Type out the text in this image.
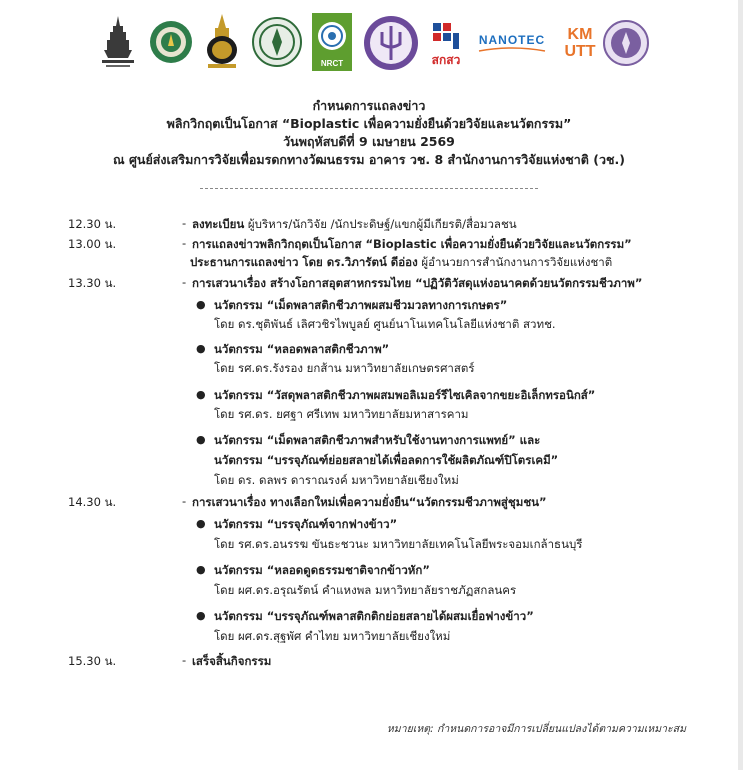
NRCT	สกสว
NANOTEC	KM UTT
กำหนดการแถลงข่าว
พลิกวิกฤตเป็นโอกาส “Bioplastic เพื่อความยั่งยืนด้วยวิจัยและนวัตกรรม”
วันพฤหัสบดีที่ 9 เมษายน 2569
ณ ศูนย์ส่งเสริมการวิจัยเพื่อมรดกทางวัฒนธรรม อาคาร วช. 8 สำนักงานการวิจัยแห่งชาติ (วช.)
12.30 น.	- ลงทะเบียน ผู้บริหาร/นักวิจัย /นักประดิษฐ์/แขกผู้มีเกียรติ/สื่อมวลชน
13.00 น.	- การแถลงข่าวพลิกวิกฤตเป็นโอกาส “Bioplastic เพื่อความยั่งยืนด้วยวิจัยและนวัตกรรม”
ประธานการแถลงข่าว โดย ดร.วิภารัตน์ ดีอ่อง ผู้อำนวยการสำนักงานการวิจัยแห่งชาติ
13.30 น.	- การเสวนาเรื่อง สร้างโอกาสอุตสาหกรรมไทย “ปฏิวัติวัสดุแห่งอนาคตด้วยนวัตกรรมชีวภาพ”
● นวัตกรรม “เม็ดพลาสติกชีวภาพผสมชีวมวลทางการเกษตร”
โดย ดร.ชุติพันธ์ เลิศวชิรไพบูลย์ ศูนย์นาโนเทคโนโลยีแห่งชาติ สวทช.
● นวัตกรรม “หลอดพลาสติกชีวภาพ”
โดย รศ.ดร.รังรอง ยกส้าน มหาวิทยาลัยเกษตรศาสตร์
● นวัตกรรม “วัสดุพลาสติกชีวภาพผสมพอลิเมอร์รีไซเคิลจากขยะอิเล็กทรอนิกส์”
โดย รศ.ดร. ยศฐา ศรีเทพ มหาวิทยาลัยมหาสารคาม
● นวัตกรรม “เม็ดพลาสติกชีวภาพสำหรับใช้งานทางการแพทย์” และ
นวัตกรรม “บรรจุภัณฑ์ย่อยสลายได้เพื่อลดการใช้ผลิตภัณฑ์ปิโตรเคมี”
โดย ดร. ดลพร ดาราณรงค์ มหาวิทยาลัยเชียงใหม่
14.30 น.	- การเสวนาเรื่อง ทางเลือกใหม่เพื่อความยั่งยืน“นวัตกรรมชีวภาพสู่ชุมชน”
● นวัตกรรม “บรรจุภัณฑ์จากฟางข้าว”
โดย รศ.ดร.อนรรฆ ขันธะชวนะ มหาวิทยาลัยเทคโนโลยีพระจอมเกล้าธนบุรี
● นวัตกรรม “หลอดดูดธรรมชาติจากข้าวหัก”
โดย ผศ.ดร.อรุณรัตน์ คำแหงพล มหาวิทยาลัยราชภัฏสกลนคร
● นวัตกรรม “บรรจุภัณฑ์พลาสติกติกย่อยสลายได้ผสมเยื่อฟางข้าว”
โดย ผศ.ดร.สุฐพัศ คำไทย มหาวิทยาลัยเชียงใหม่
15.30 น.	- เสร็จสิ้นกิจกรรม
หมายเหตุ: กำหนดการอาจมีการเปลี่ยนแปลงได้ตามความเหมาะสม
